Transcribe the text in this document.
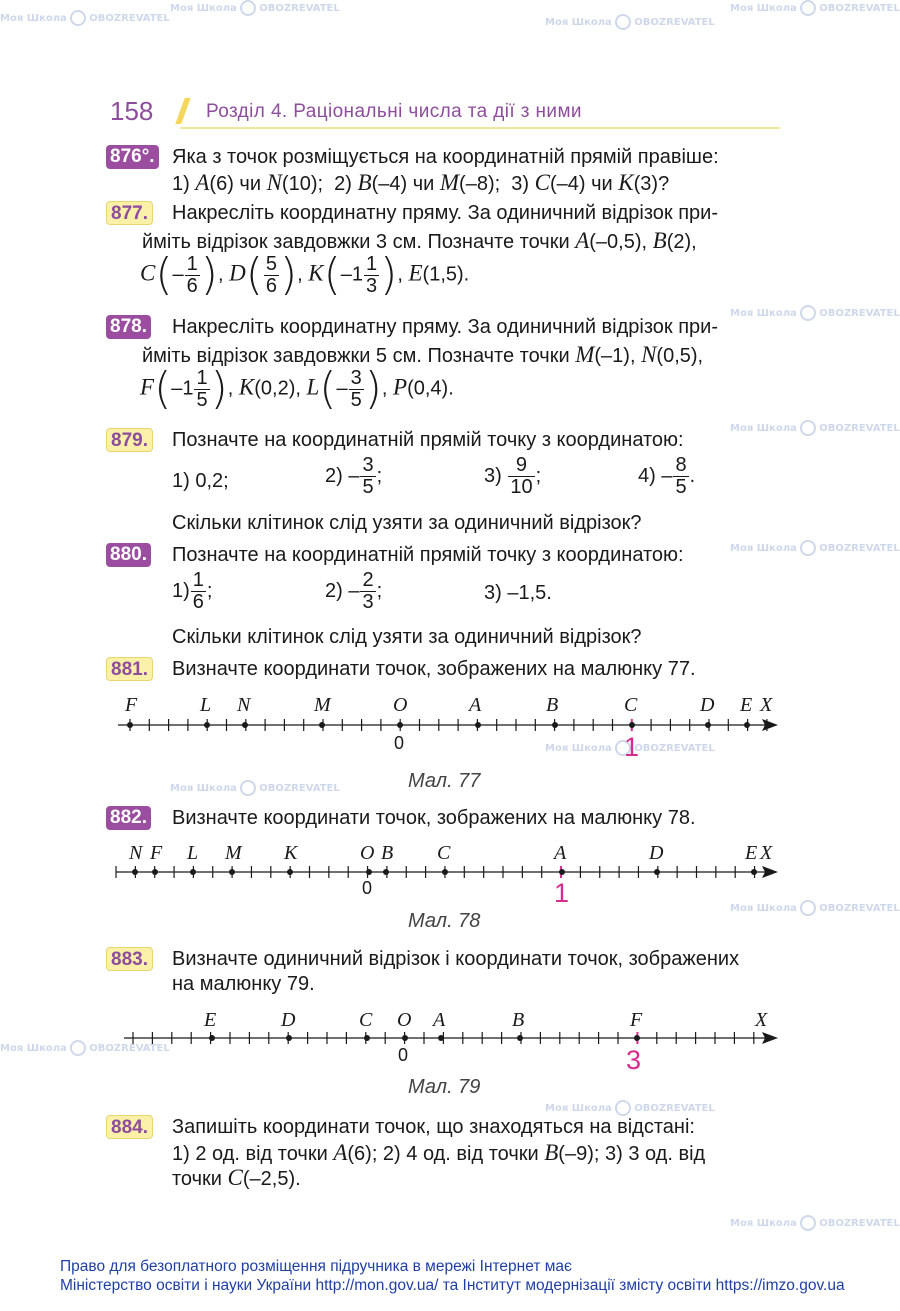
Моя Школа OBOZREVATEL
Моя Школа OBOZREVATEL
Моя Школа OBOZREVATEL
Моя Школа OBOZREVATEL
Моя Школа OBOZREVATEL
Моя Школа OBOZREVATEL
Моя Школа OBOZREVATEL
Моя Школа OBOZREVATEL
Моя Школа OBOZREVATEL
Моя Школа OBOZREVATEL
Моя Школа OBOZREVATEL
Моя Школа OBOZREVATEL
Моя Школа OBOZREVATEL
158	Розділ 4. Раціональні числа та дії з ними
876°. Яка з точок розміщується на координатній прямій правіше:
1) A(6) чи N(10); 2) B(–4) чи M(–8); 3) C(–4) чи K(3)?
877. Накресліть координатну пряму. За одиничний відрізок при-
йміть відрізок завдовжки 3 см. Позначте точки A(–0,5), B(2),
$C(- \frac{1}{6}$ ), $D( \frac{5}{6}$ ), $K(-1 \frac{1}{3}$ ), E(1,5).
878. Накресліть координатну пряму. За одиничний відрізок при-
йміть відрізок завдовжки 5 см. Позначте точки M(–1), N(0,5),
$F(-1 \frac{1}{5}$ ), K(0,2), $L(- \frac{3}{5}$ ), P(0,4).
879. Позначте на координатній прямій точку з координатою:
1) 0,2;	$2) - \frac{3}{5}$ ;	$3) \frac{9}{10}$ ;	$4) - \frac{8}{5}$ .
Скільки клітинок слід узяти за одиничний відрізок?
880. Позначте на координатній прямій точку з координатою:
$1) \frac{1}{6}$ ;	$2) - \frac{2}{3}$ ;	3) –1,5.
Скільки клітинок слід узяти за одиничний відрізок?
881. Визначте координати точок, зображених на малюнку 77.
F	L N	M	O	A	B	C	D E X
0	1
Мал. 77
882. Визначте координати точок, зображених на малюнку 78.
N F L M K	O B C	A	D	E X
0	1
Мал. 78
883. Визначте одиничний відрізок і координати точок, зображених
на малюнку 79.
E	D	C O A	B	F	X
0	3
Мал. 79
884. Запишіть координати точок, що знаходяться на відстані:
1) 2 од. від точки A(6); 2) 4 од. від точки B(–9); 3) 3 од. від
точки C(–2,5).
Право для безоплатного розміщення підручника в мережі Інтернет має
Міністерство освіти і науки України http://mon.gov.ua/ та Інститут модернізації змісту освіти https://imzo.gov.ua
